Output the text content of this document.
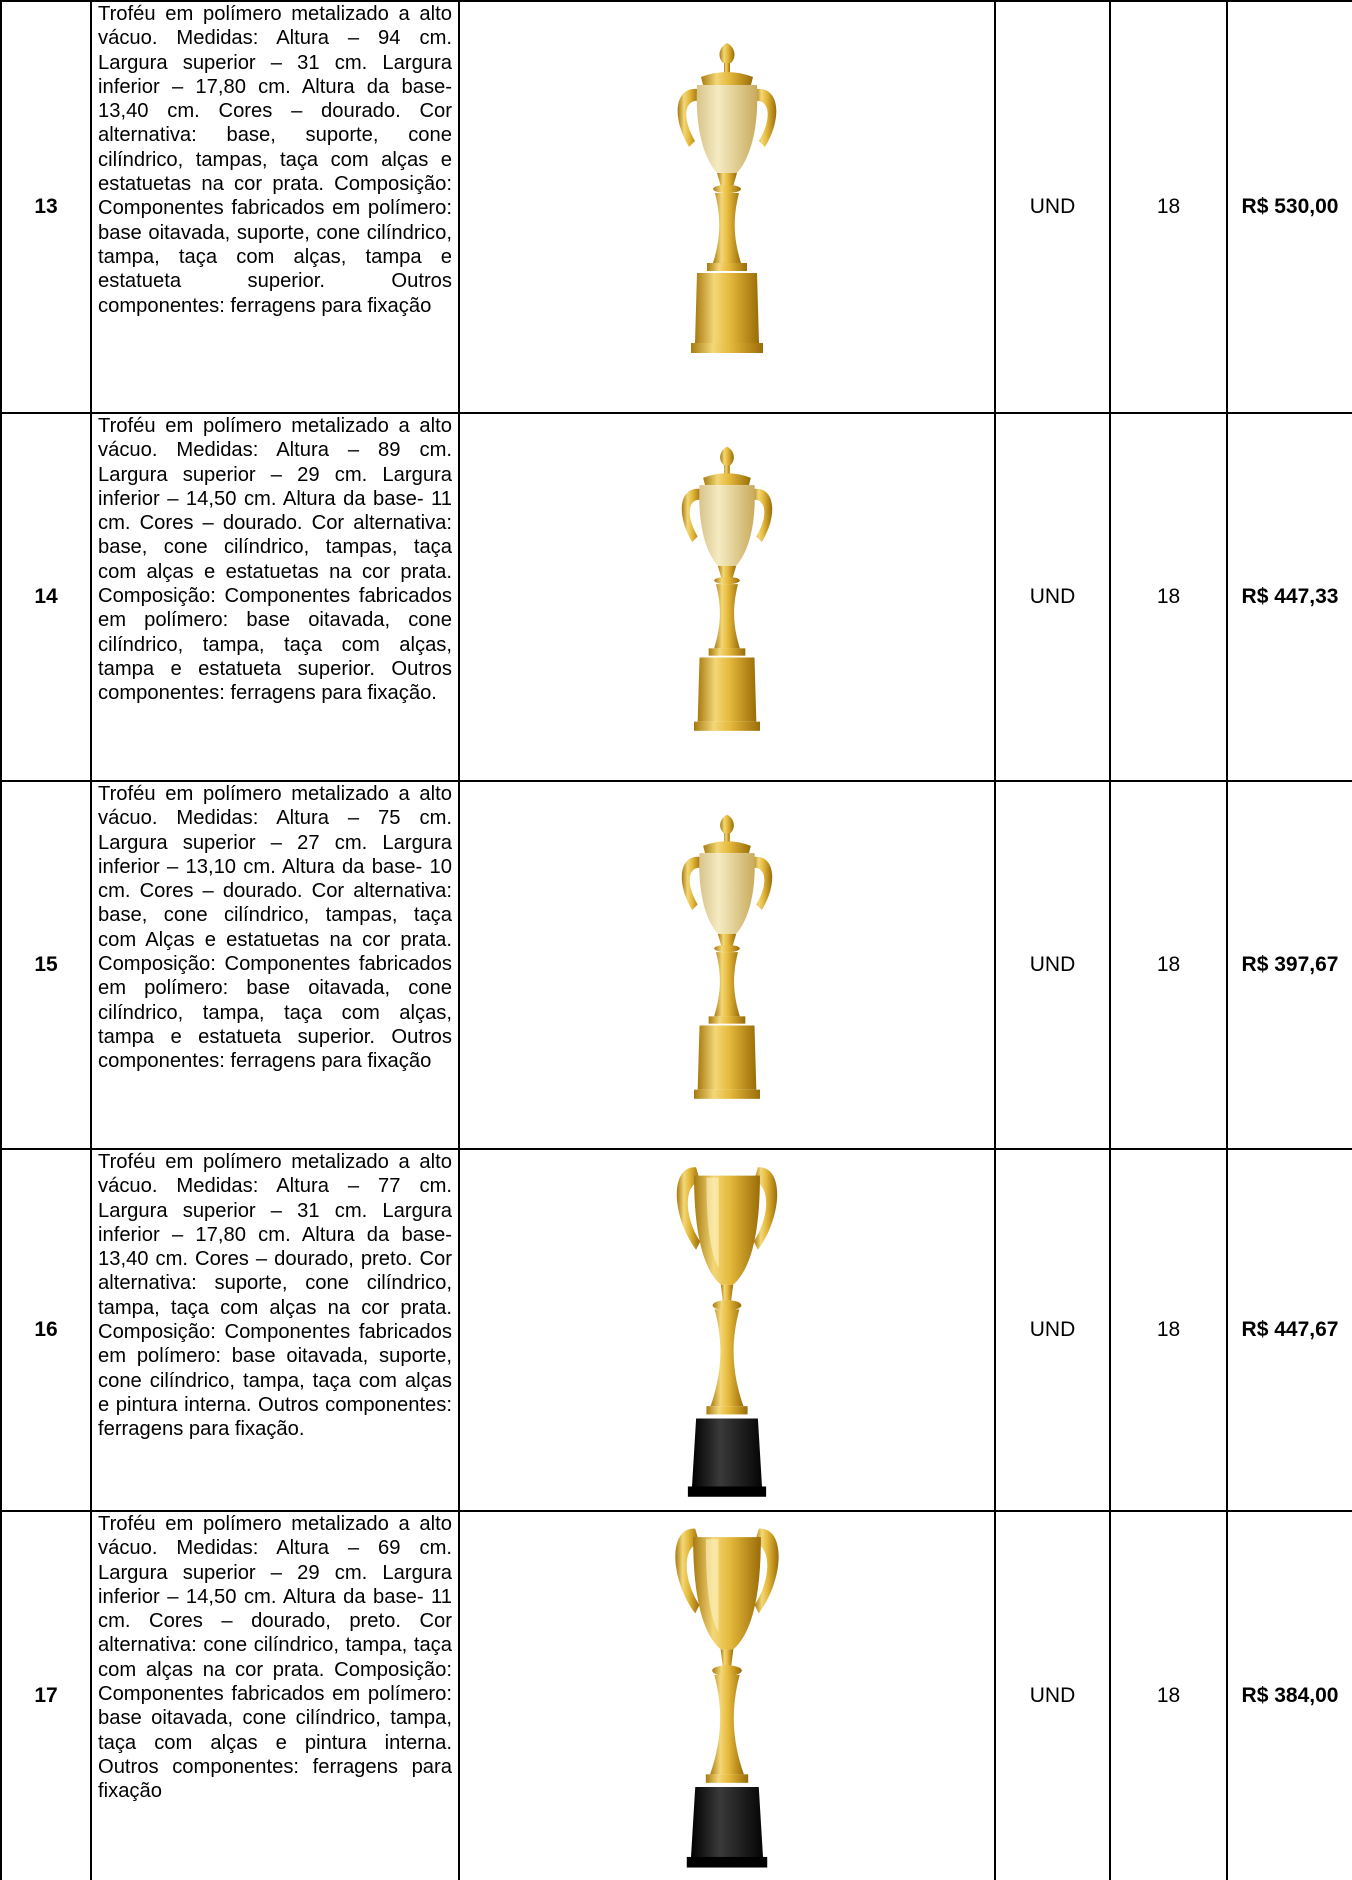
13

Troféu em polímero metalizado a alto vácuo. Medidas: Altura – 94 cm. Largura superior – 31 cm. Largura inferior – 17,80 cm. Altura da base- 13,40 cm. Cores – dourado. Cor alternativa: base, suporte, cone cilíndrico, tampas, taça com alças e estatuetas na cor prata. Composição: Componentes fabricados em polímero: base oitavada, suporte, cone cilíndrico, tampa, taça com alças, tampa e estatueta superior. Outros componentes: ferragens para fixação

UND	18	R$ 530,00
14

Troféu em polímero metalizado a alto vácuo. Medidas: Altura – 89 cm. Largura superior – 29 cm. Largura inferior – 14,50 cm. Altura da base- 11 cm. Cores – dourado. Cor alternativa: base, cone cilíndrico, tampas, taça com alças e estatuetas na cor prata. Composição: Componentes fabricados em polímero: base oitavada, cone cilíndrico, tampa, taça com alças, tampa e estatueta superior. Outros componentes: ferragens para fixação.

UND	18	R$ 447,33
15

Troféu em polímero metalizado a alto vácuo. Medidas: Altura – 75 cm. Largura superior – 27 cm. Largura inferior – 13,10 cm. Altura da base- 10 cm. Cores – dourado. Cor alternativa: base, cone cilíndrico, tampas, taça com Alças e estatuetas na cor prata. Composição: Componentes fabricados em polímero: base oitavada, cone cilíndrico, tampa, taça com alças, tampa e estatueta superior. Outros componentes: ferragens para fixação

UND	18	R$ 397,67
16

Troféu em polímero metalizado a alto vácuo. Medidas: Altura – 77 cm. Largura superior – 31 cm. Largura inferior – 17,80 cm. Altura da base- 13,40 cm. Cores – dourado, preto. Cor alternativa: suporte, cone cilíndrico, tampa, taça com alças na cor prata. Composição: Componentes fabricados em polímero: base oitavada, suporte, cone cilíndrico, tampa, taça com alças e pintura interna. Outros componentes: ferragens para fixação.

UND	18	R$ 447,67
17

Troféu em polímero metalizado a alto vácuo. Medidas: Altura – 69 cm. Largura superior – 29 cm. Largura inferior – 14,50 cm. Altura da base- 11 cm. Cores – dourado, preto. Cor alternativa: cone cilíndrico, tampa, taça com alças na cor prata. Composição: Componentes fabricados em polímero: base oitavada, cone cilíndrico, tampa, taça com alças e pintura interna. Outros componentes: ferragens para fixação

UND	18	R$ 384,00
